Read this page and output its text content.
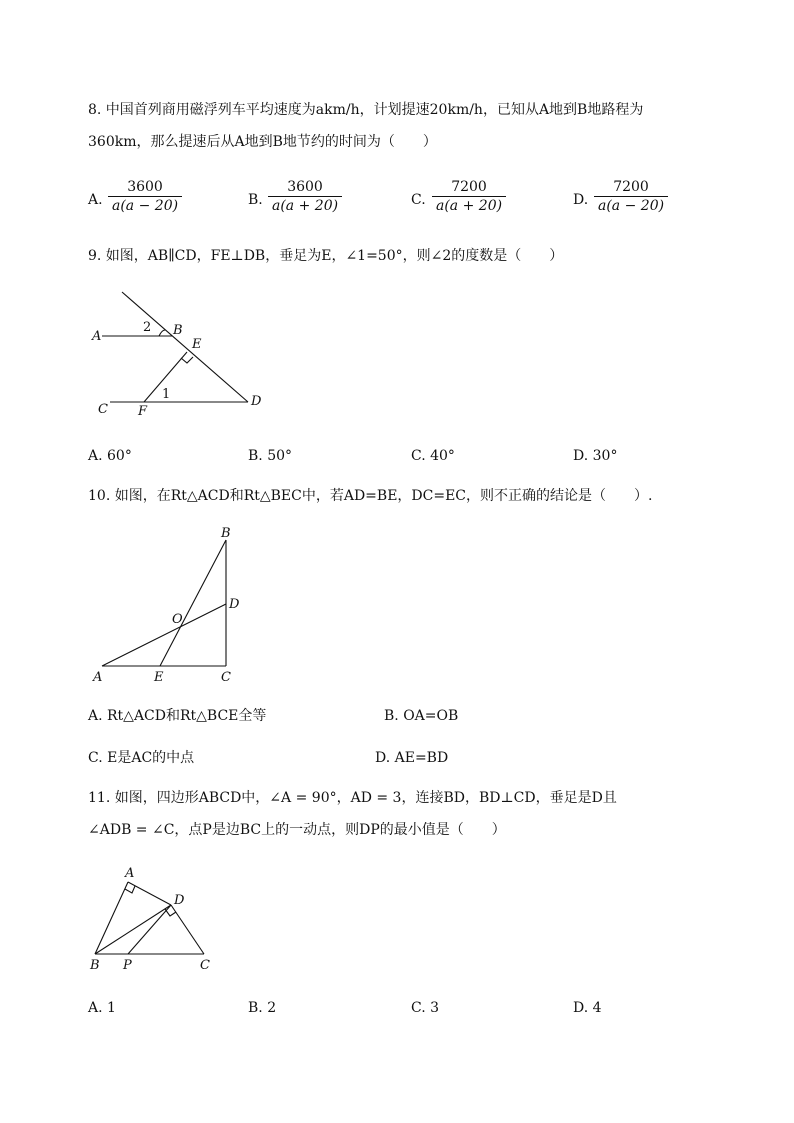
8. 中国首列商用磁浮列车平均速度为akm/h，计划提速20km/h，已知从A地到B地路程为
360km，那么提速后从A地到B地节约的时间为（　　）
A. $\frac{3600}{a(a - 20)}$	B. $\frac{3600}{a(a + 20)}$	C. $\frac{7200}{a(a + 20)}$	D. $\frac{7200}{a(a - 20)}$
9. 如图，AB∥CD，FE⊥DB，垂足为E，∠1=50°，则∠2的度数是（　　）
A	B
E
C F
D
1
2
A. 60°	B. 50°	C. 40°	D. 30°
10. 如图，在Rt△ACD和Rt△BEC中，若AD=BE，DC=EC，则不正确的结论是（　　）.
B
D
O
A	E	C
A. Rt△ACD和Rt△BCE全等	B. OA=OB
C. E是AC的中点	D. AE=BD
11. 如图，四边形ABCD中，∠A = 90°，AD = 3，连接BD，BD⊥CD，垂足是D且
∠ADB = ∠C，点P是边BC上的一动点，则DP的最小值是（　　）
A
D
B P	C
A. 1	B. 2	C. 3	D. 4
